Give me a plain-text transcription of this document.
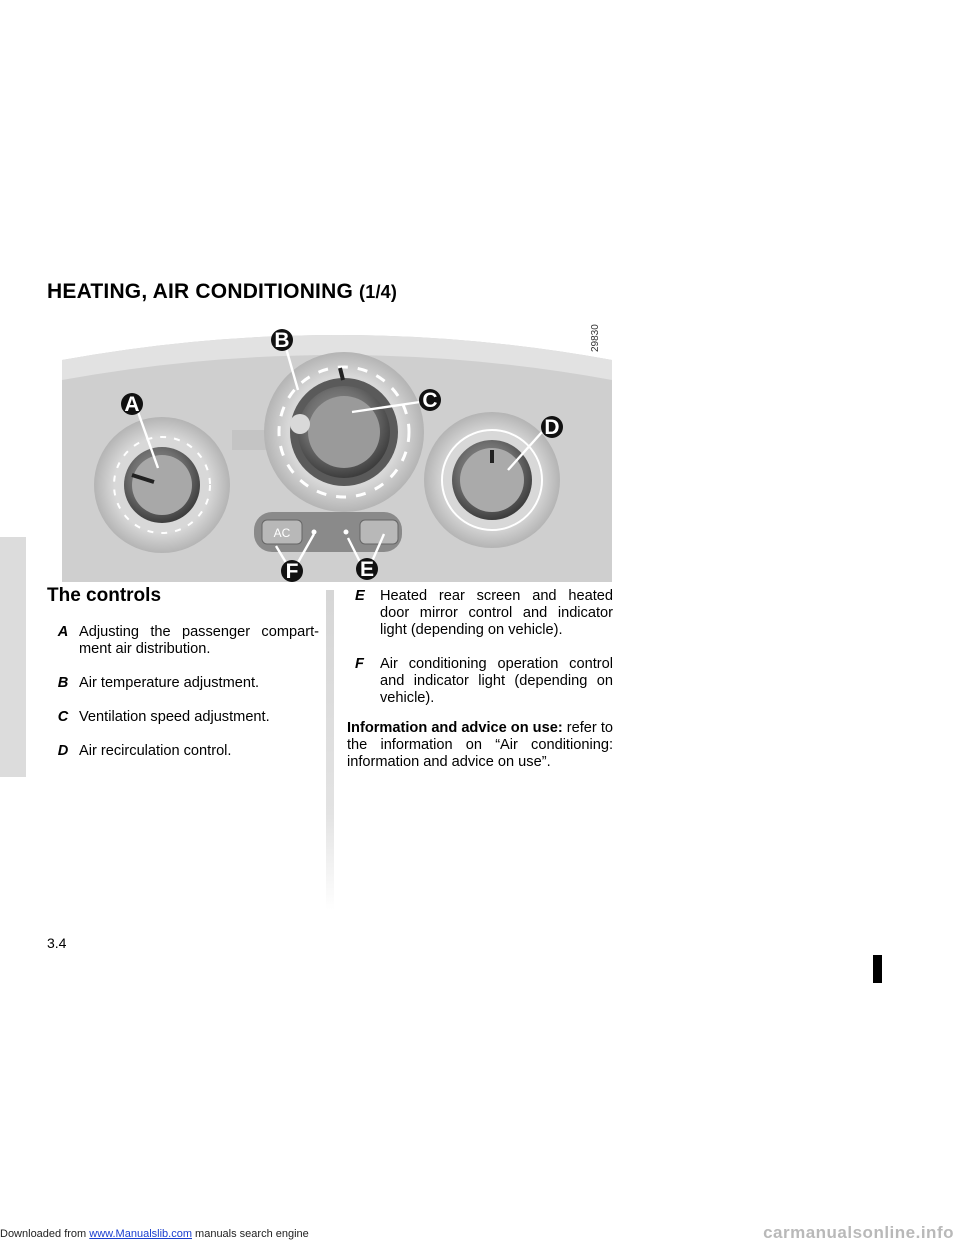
HEATING, AIR CONDITIONING (1/4)
AC
A
B
C
D
E
F
29830
The controls
A Adjusting the passenger compart-ment air distribution.
B Air temperature adjustment.
C Ventilation speed adjustment.
D Air recirculation control.
E	Heated rear screen and heated door mirror control and indicator light (depending on vehicle).
F	Air conditioning operation control and indicator light (depending on vehicle).

Information and advice on use: refer to the information on “Air conditioning: information and advice on use”.

3.4
Downloaded from www.Manualslib.com manuals search engine	carmanualsonline.info
